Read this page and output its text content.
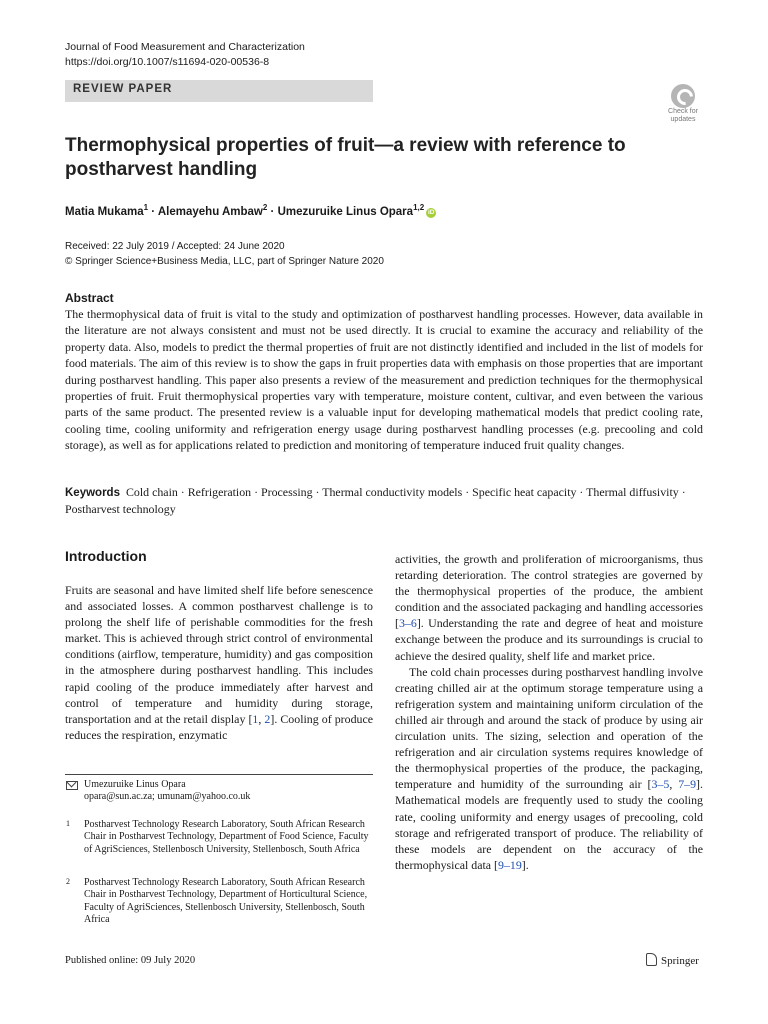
Journal of Food Measurement and Characterization
https://doi.org/10.1007/s11694-020-00536-8
REVIEW PAPER
Check for
updates
Thermophysical properties of fruit—a review with reference to postharvest handling
Matia Mukama$^1$ · Alemayehu Ambaw$^2$ · Umezuruike Linus Opara$^{1,2}$iD
Received: 22 July 2019 / Accepted: 24 June 2020
© Springer Science+Business Media, LLC, part of Springer Nature 2020
Abstract
The thermophysical data of fruit is vital to the study and optimization of postharvest handling processes. However, data available in the literature are not always consistent and must not be used directly. It is crucial to examine the accuracy and reliability of the property data. Also, models to predict the thermal properties of fruit are not distinctly identified and included in the list of models for food materials. The aim of this review is to show the gaps in fruit properties data with emphasis on those properties that are important during postharvest handling. This paper also presents a review of the measurement and prediction techniques for the thermophysical properties of fruit. Fruit thermophysical properties vary with temperature, moisture content, cultivar, and even between the various parts of the same product. The presented review is a valuable input for developing mathematical models that predict cooling rate, cooling time, cooling uniformity and refrigeration energy usage during postharvest handling processes (e.g. precooling and cold storage), as well as for applications related to prediction and monitoring of temperature induced fruit quality changes.
Keywords Cold chain · Refrigeration · Processing · Thermal conductivity models · Specific heat capacity · Thermal diffusivity · Postharvest technology
Introduction
Fruits are seasonal and have limited shelf life before senescence and associated losses. A common postharvest challenge is to prolong the shelf life of perishable commodities for the fresh market. This is achieved through strict control of environmental conditions (airflow, temperature, humidity) and gas composition in the atmosphere during postharvest handling. This includes rapid cooling of the produce immediately after harvest and control of temperature and humidity during storage, transportation and at the retail display [1, 2]. Cooling of produce reduces the respiration, enzymatic

activities, the growth and proliferation of microorganisms, thus retarding deterioration. The control strategies are governed by the thermophysical properties of the produce, the ambient condition and the associated packaging and handling accessories [3–6]. Understanding the rate and degree of heat and moisture exchange between the produce and its surroundings is crucial to achieve the desired quality, shelf life and market price.

The cold chain processes during postharvest handling involve creating chilled air at the optimum storage temperature using a refrigeration system and maintaining uniform circulation of the chilled air through and around the stack of produce by using air circulation units. The sizing, selection and operation of the refrigeration and air circulation systems requires knowledge of the thermophysical properties of the produce, the packaging, temperature and humidity of the surrounding air [3–5, 7–9]. Mathematical models are frequently used to study the cooling rate, cooling uniformity and energy usages of precooling, cold storage and refrigerated transport of produce. The reliability of these models are dependent on the accuracy of the thermophysical data [9–19].

Umezuruike Linus Opara
opara@sun.ac.za; umunam@yahoo.co.uk
1 Postharvest Technology Research Laboratory, South African Research Chair in Postharvest Technology, Department of Food Science, Faculty of AgriSciences, Stellenbosch University, Stellenbosch, South Africa
2 Postharvest Technology Research Laboratory, South African Research Chair in Postharvest Technology, Department of Horticultural Science, Faculty of AgriSciences, Stellenbosch University, Stellenbosch, South Africa
Published online: 09 July 2020	Springer
